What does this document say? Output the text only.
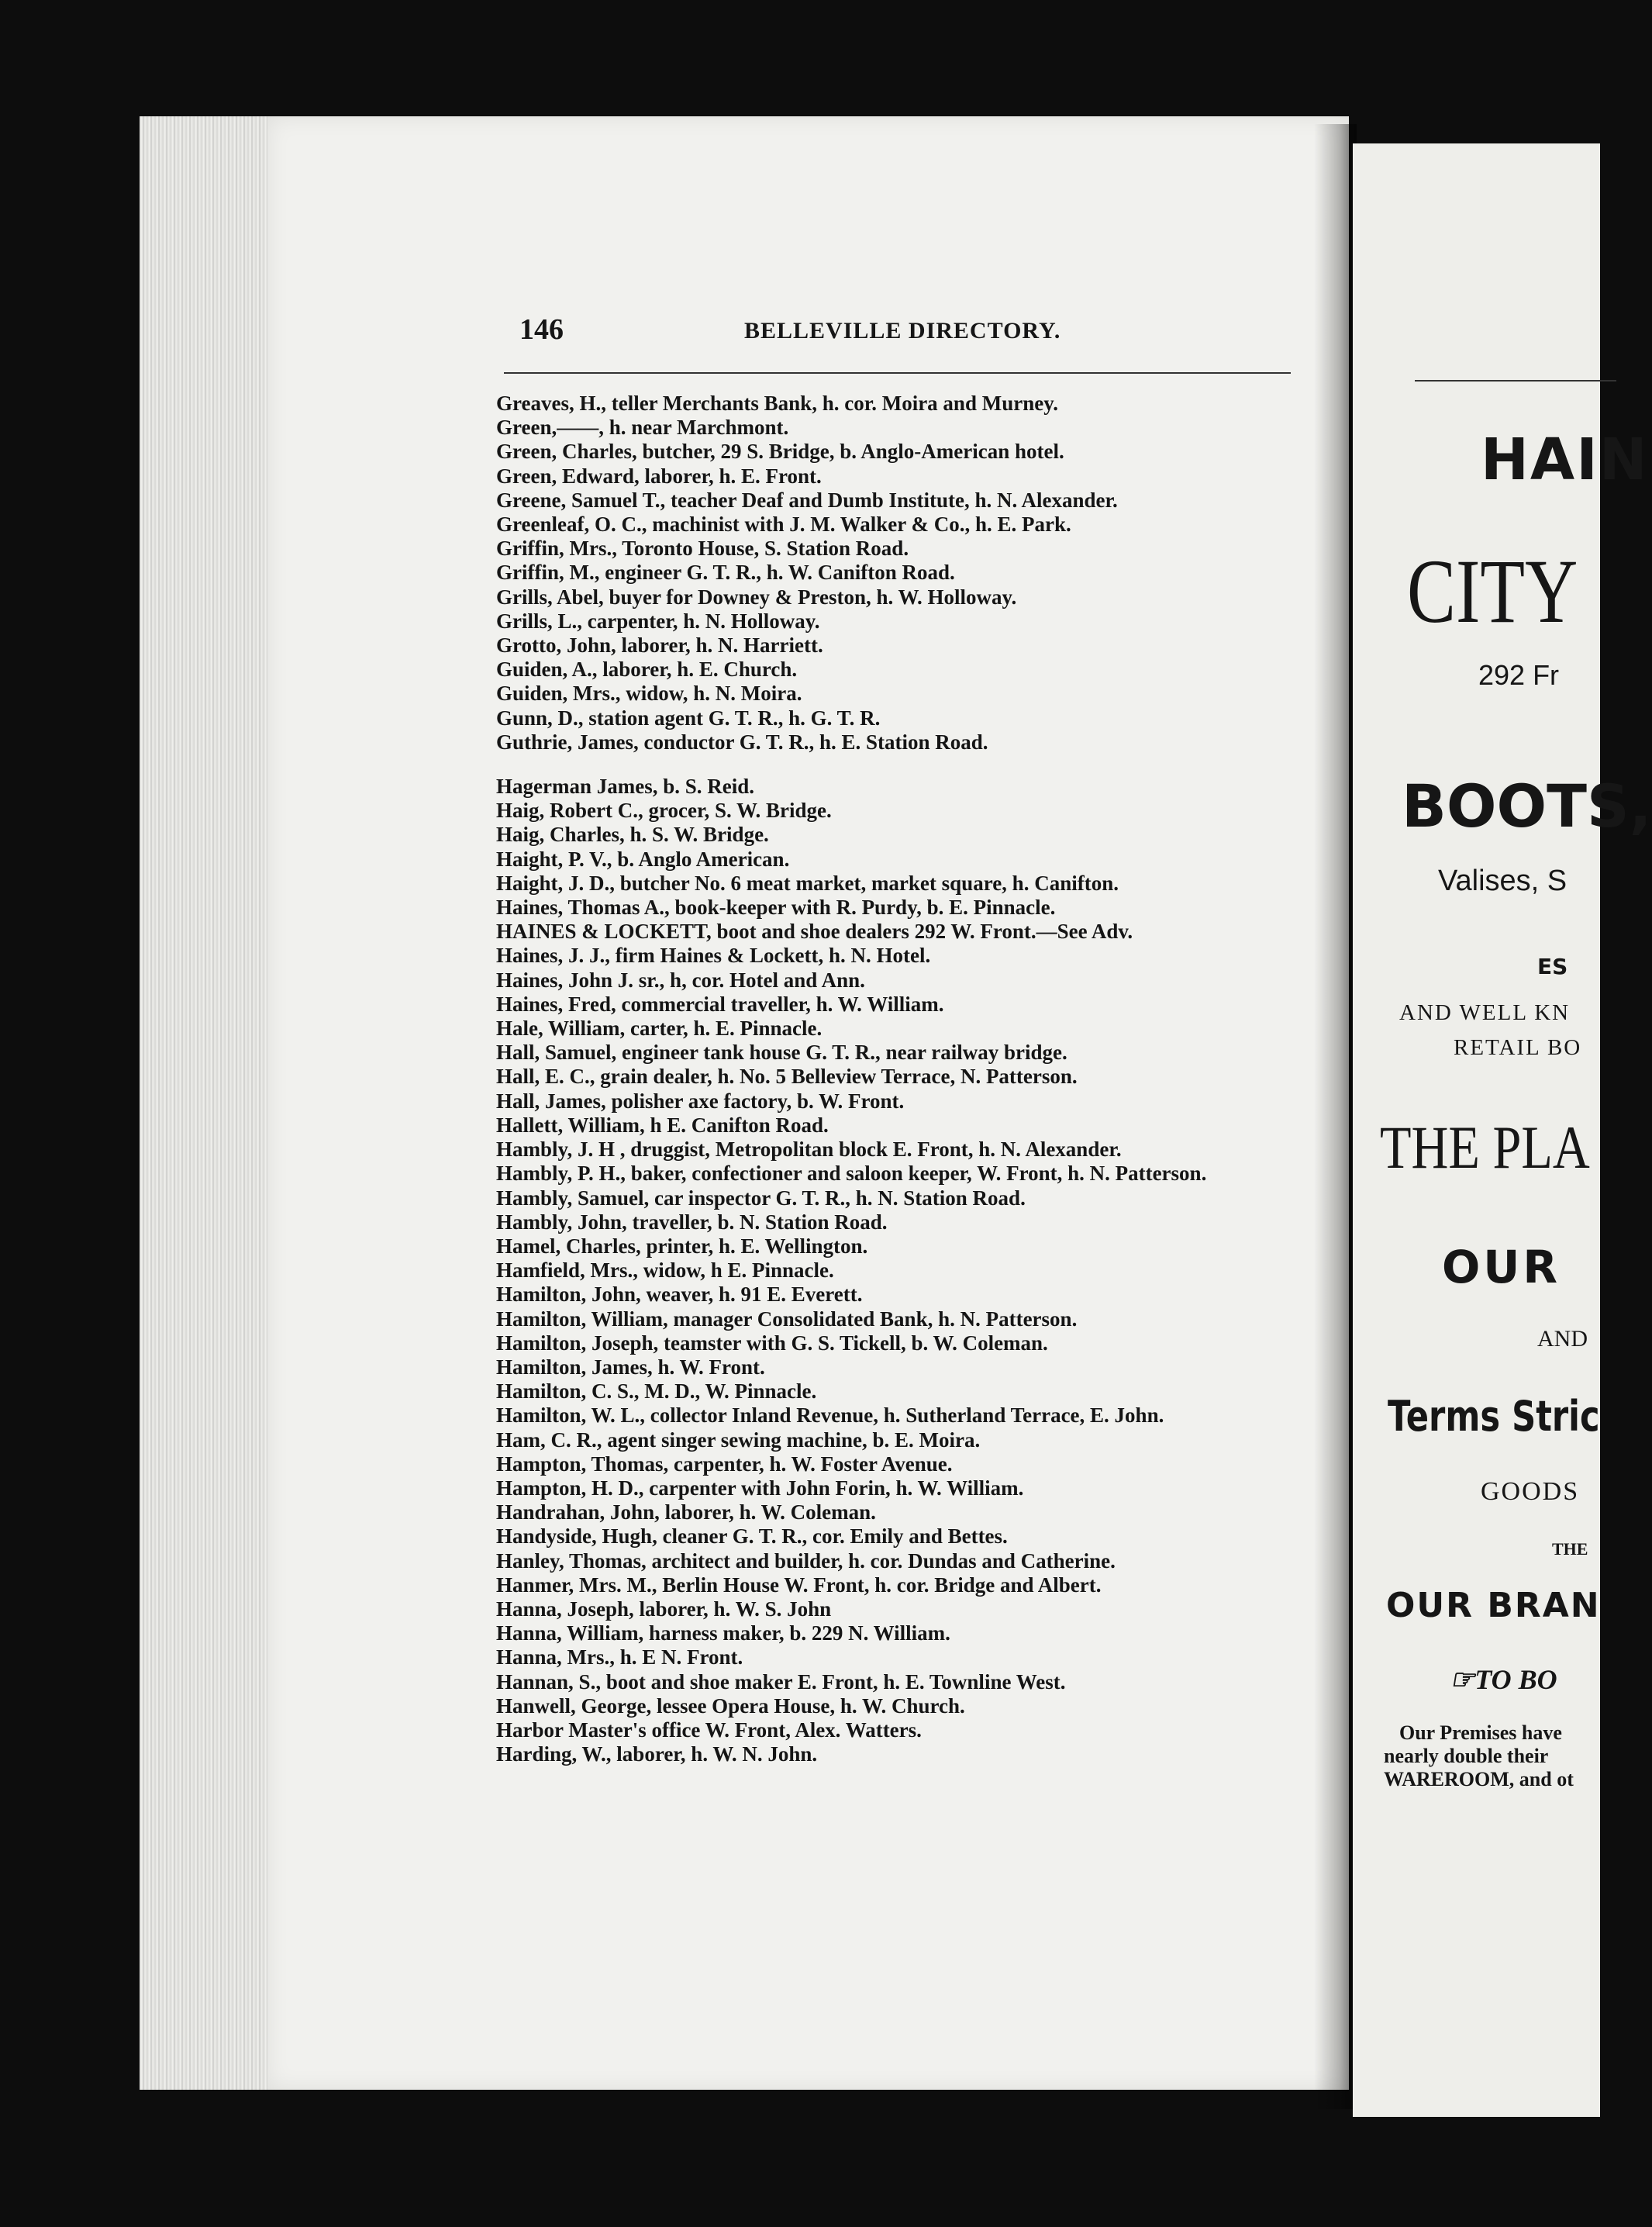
146	BELLEVILLE DIRECTORY.
Greaves, H., teller Merchants Bank, h. cor. Moira and Murney.
Green,——, h. near Marchmont.
Green, Charles, butcher, 29 S. Bridge, b. Anglo-American hotel.
Green, Edward, laborer, h. E. Front.
Greene, Samuel T., teacher Deaf and Dumb Institute, h. N. Alexander.
Greenleaf, O. C., machinist with J. M. Walker & Co., h. E. Park.
Griffin, Mrs., Toronto House, S. Station Road.
Griffin, M., engineer G. T. R., h. W. Canifton Road.
Grills, Abel, buyer for Downey & Preston, h. W. Holloway.
Grills, L., carpenter, h. N. Holloway.
Grotto, John, laborer, h. N. Harriett.
Guiden, A., laborer, h. E. Church.
Guiden, Mrs., widow, h. N. Moira.
Gunn, D., station agent G. T. R., h. G. T. R.
Guthrie, James, conductor G. T. R., h. E. Station Road.
Hagerman James, b. S. Reid.
Haig, Robert C., grocer, S. W. Bridge.
Haig, Charles, h. S. W. Bridge.
Haight, P. V., b. Anglo American.
Haight, J. D., butcher No. 6 meat market, market square, h. Canifton.
Haines, Thomas A., book-keeper with R. Purdy, b. E. Pinnacle.
HAINES & LOCKETT, boot and shoe dealers 292 W. Front.—See Adv.
Haines, J. J., firm Haines & Lockett, h. N. Hotel.
Haines, John J. sr., h, cor. Hotel and Ann.
Haines, Fred, commercial traveller, h. W. William.
Hale, William, carter, h. E. Pinnacle.
Hall, Samuel, engineer tank house G. T. R., near railway bridge.
Hall, E. C., grain dealer, h. No. 5 Belleview Terrace, N. Patterson.
Hall, James, polisher axe factory, b. W. Front.
Hallett, William, h E. Canifton Road.
Hambly, J. H , druggist, Metropolitan block E. Front, h. N. Alexander.
Hambly, P. H., baker, confectioner and saloon keeper, W. Front, h. N. Patterson.
Hambly, Samuel, car inspector G. T. R., h. N. Station Road.
Hambly, John, traveller, b. N. Station Road.
Hamel, Charles, printer, h. E. Wellington.
Hamfield, Mrs., widow, h E. Pinnacle.
Hamilton, John, weaver, h. 91 E. Everett.
Hamilton, William, manager Consolidated Bank, h. N. Patterson.
Hamilton, Joseph, teamster with G. S. Tickell, b. W. Coleman.
Hamilton, James, h. W. Front.
Hamilton, C. S., M. D., W. Pinnacle.
Hamilton, W. L., collector Inland Revenue, h. Sutherland Terrace, E. John.
Ham, C. R., agent singer sewing machine, b. E. Moira.
Hampton, Thomas, carpenter, h. W. Foster Avenue.
Hampton, H. D., carpenter with John Forin, h. W. William.
Handrahan, John, laborer, h. W. Coleman.
Handyside, Hugh, cleaner G. T. R., cor. Emily and Bettes.
Hanley, Thomas, architect and builder, h. cor. Dundas and Catherine.
Hanmer, Mrs. M., Berlin House W. Front, h. cor. Bridge and Albert.
Hanna, Joseph, laborer, h. W. S. John
Hanna, William, harness maker, b. 229 N. William.
Hanna, Mrs., h. E N. Front.
Hannan, S., boot and shoe maker E. Front, h. E. Townline West.
Hanwell, George, lessee Opera House, h. W. Church.
Harbor Master's office W. Front, Alex. Watters.
Harding, W., laborer, h. W. N. John.
HAIN
CITY
292 Fr
BOOTS,
Valises, S
ES
AND WELL KN
RETAIL BO
THE PLA
OUR
AND
Terms Stric
GOODS
THE
OUR BRAN
☞TO BO
Our Premises have
nearly double their
WAREROOM, and ot
